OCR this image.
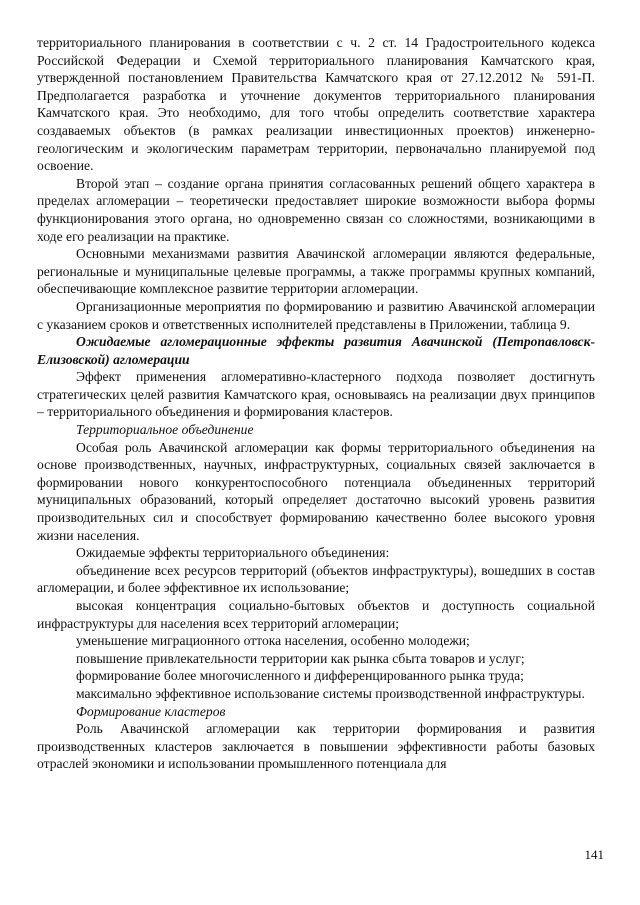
территориального планирования в соответствии с ч. 2 ст. 14 Градостроительного кодекса Российской Федерации и Схемой территориального планирования Камчатского края, утвержденной постановлением Правительства Камчатского края от 27.12.2012 № 591-П. Предполагается разработка и уточнение документов территориального планирования Камчатского края. Это необходимо, для того чтобы определить соответствие характера создаваемых объектов (в рамках реализации инвестиционных проектов) инженерно-геологическим и экологическим параметрам территории, первоначально планируемой под освоение.

Второй этап – создание органа принятия согласованных решений общего характера в пределах агломерации – теоретически предоставляет широкие возможности выбора формы функционирования этого органа, но одновременно связан со сложностями, возникающими в ходе его реализации на практике.

Основными механизмами развития Авачинской агломерации являются федеральные, региональные и муниципальные целевые программы, а также программы крупных компаний, обеспечивающие комплексное развитие территории агломерации.

Организационные мероприятия по формированию и развитию Авачинской агломерации с указанием сроков и ответственных исполнителей представлены в Приложении, таблица 9.

Ожидаемые агломерационные эффекты развития Авачинской (Петропавловск-Елизовской) агломерации

Эффект применения агломеративно-кластерного подхода позволяет достигнуть стратегических целей развития Камчатского края, основываясь на реализации двух принципов – территориального объединения и формирования кластеров.

Территориальное объединение

Особая роль Авачинской агломерации как формы территориального объединения на основе производственных, научных, инфраструктурных, социальных связей заключается в формировании нового конкурентоспособного потенциала объединенных территорий муниципальных образований, который определяет достаточно высокий уровень развития производительных сил и способствует формированию качественно более высокого уровня жизни населения.

Ожидаемые эффекты территориального объединения:

объединение всех ресурсов территорий (объектов инфраструктуры), вошедших в состав агломерации, и более эффективное их использование;

высокая концентрация социально-бытовых объектов и доступность социальной инфраструктуры для населения всех территорий агломерации;

уменьшение миграционного оттока населения, особенно молодежи;

повышение привлекательности территории как рынка сбыта товаров и услуг;

формирование более многочисленного и дифференцированного рынка труда;

максимально эффективное использование системы производственной инфраструктуры.

Формирование кластеров

Роль Авачинской агломерации как территории формирования и развития производственных кластеров заключается в повышении эффективности работы базовых отраслей экономики и использовании промышленного потенциала для

141
